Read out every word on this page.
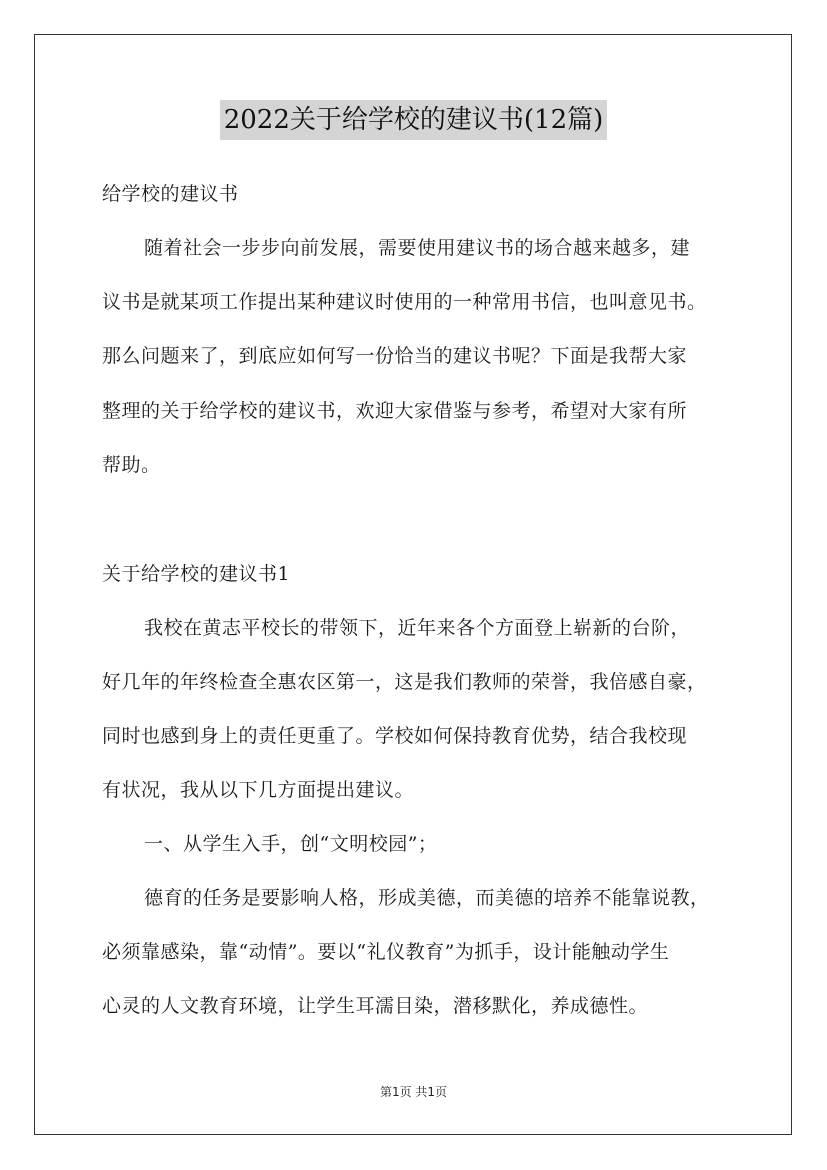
2022关于给学校的建议书(12篇)
给学校的建议书
随着社会一步步向前发展，需要使用建议书的场合越来越多，建
议书是就某项工作提出某种建议时使用的一种常用书信，也叫意见书。
那么问题来了，到底应如何写一份恰当的建议书呢？下面是我帮大家
整理的关于给学校的建议书，欢迎大家借鉴与参考，希望对大家有所
帮助。
关于给学校的建议书1
我校在黄志平校长的带领下，近年来各个方面登上崭新的台阶，
好几年的年终检查全惠农区第一，这是我们教师的荣誉，我倍感自豪，
同时也感到身上的责任更重了。学校如何保持教育优势，结合我校现
有状况，我从以下几方面提出建议。
一、从学生入手，创“文明校园”；
德育的任务是要影响人格，形成美德，而美德的培养不能靠说教，
必须靠感染，靠“动情”。要以“礼仪教育”为抓手，设计能触动学生
心灵的人文教育环境，让学生耳濡目染，潜移默化，养成德性。
第1页 共1页
